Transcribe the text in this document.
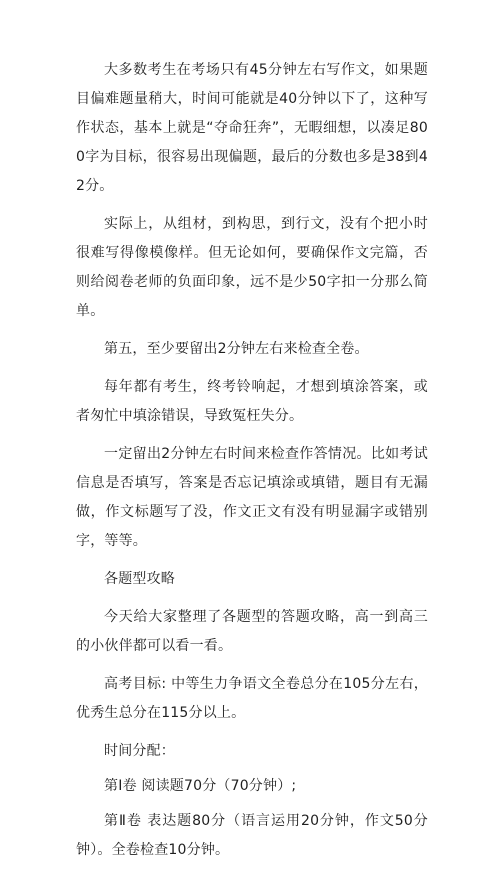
大多数考生在考场只有45分钟左右写作文，如果题目偏难题量稍大，时间可能就是40分钟以下了，这种写作状态，基本上就是“夺命狂奔”，无暇细想，以凑足800字为目标，很容易出现偏题，最后的分数也多是38到42分。

实际上，从组材，到构思，到行文，没有个把小时很难写得像模像样。但无论如何，要确保作文完篇，否则给阅卷老师的负面印象，远不是少50字扣一分那么简单。

第五，至少要留出2分钟左右来检查全卷。

每年都有考生，终考铃响起，才想到填涂答案，或者匆忙中填涂错误，导致冤枉失分。

一定留出2分钟左右时间来检查作答情况。比如考试信息是否填写，答案是否忘记填涂或填错，题目有无漏做，作文标题写了没，作文正文有没有明显漏字或错别字，等等。

各题型攻略

今天给大家整理了各题型的答题攻略，高一到高三的小伙伴都可以看一看。

高考目标: 中等生力争语文全卷总分在105分左右，优秀生总分在115分以上。

时间分配：

第Ⅰ卷 阅读题70分（70分钟）;

第Ⅱ卷 表达题80分（语言运用20分钟，作文50分钟）。全卷检查10分钟。
